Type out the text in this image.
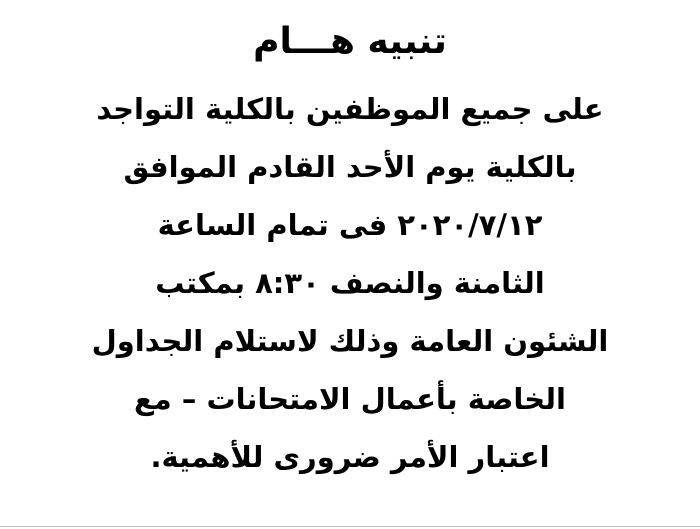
تنبيه هـــام

على جميع الموظفين بالكلية التواجد

بالكلية يوم الأحد القادم الموافق

٢٠٢٠/٧/١٢ فى تمام الساعة

الثامنة والنصف ٨:٣٠ بمكتب

الشئون العامة وذلك لاستلام الجداول

الخاصة بأعمال الامتحانات – مع

اعتبار الأمر ضرورى للأهمية.
